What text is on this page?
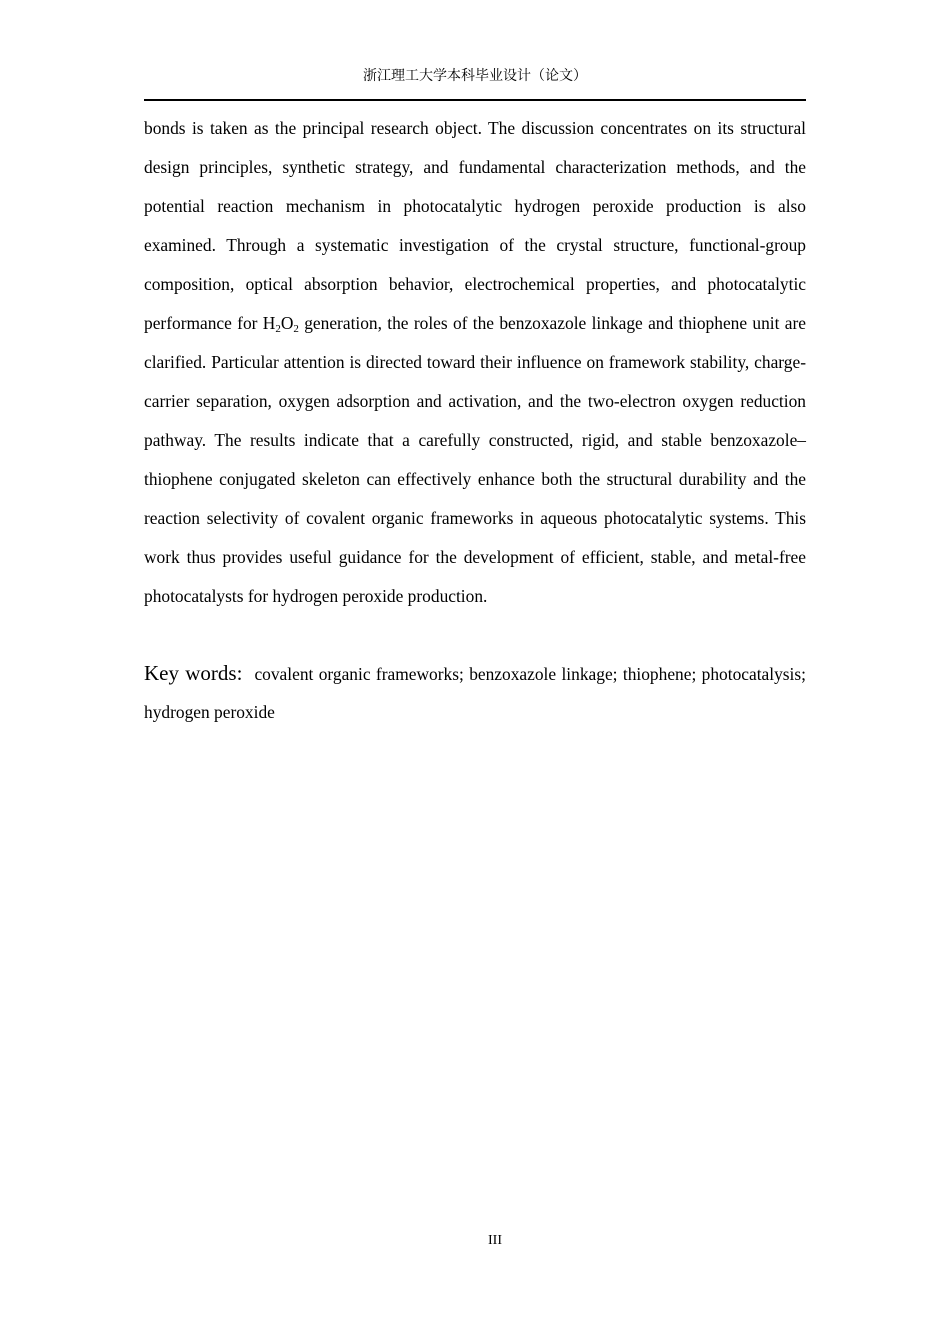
浙江理工大学本科毕业设计（论文）

bonds is taken as the principal research object. The discussion concentrates on its structural design principles, synthetic strategy, and fundamental characterization methods, and the potential reaction mechanism in photocatalytic hydrogen peroxide production is also examined. Through a systematic investigation of the crystal structure, functional-group composition, optical absorption behavior, electrochemical properties, and photocatalytic performance for $H_2O_2$ generation, the roles of the benzoxazole linkage and thiophene unit are clarified. Particular attention is directed toward their influence on framework stability, charge-carrier separation, oxygen adsorption and activation, and the two-electron oxygen reduction pathway. The results indicate that a carefully constructed, rigid, and stable benzoxazole–thiophene conjugated skeleton can effectively enhance both the structural durability and the reaction selectivity of covalent organic frameworks in aqueous photocatalytic systems. This work thus provides useful guidance for the development of efficient, stable, and metal-free photocatalysts for hydrogen peroxide production.

Key words: covalent organic frameworks; benzoxazole linkage; thiophene; photocatalysis; hydrogen peroxide

III
